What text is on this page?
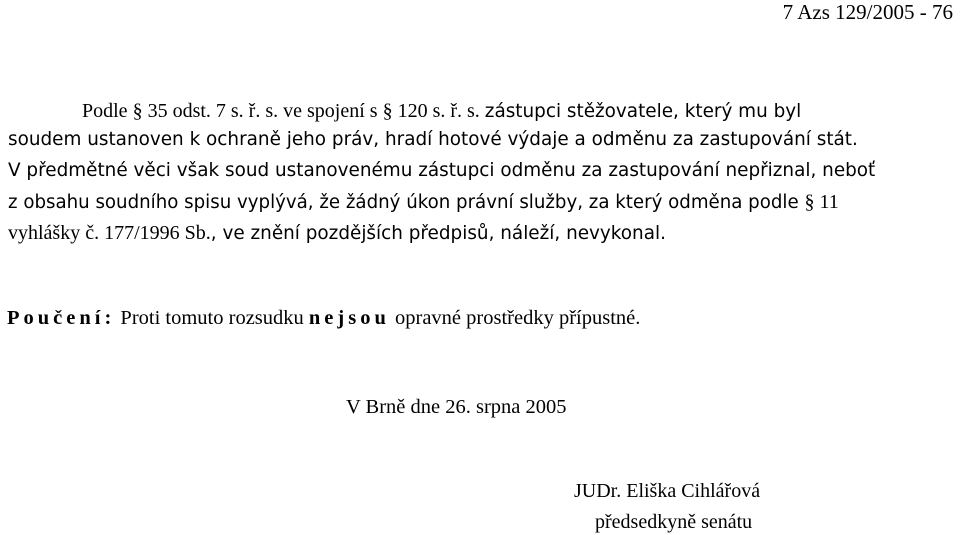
7 Azs 129/2005 - 76
Podle § 35 odst. 7 s. ř. s. ve spojení s § 120 s. ř. s. zástupci stěžovatele, který mu byl
soudem ustanoven k ochraně jeho práv, hradí hotové výdaje a odměnu za zastupování stát.
V předmětné věci však soud ustanovenému zástupci odměnu za zastupování nepřiznal, neboť
z obsahu soudního spisu vyplývá, že žádný úkon právní služby, za který odměna podle § 11
vyhlášky č. 177/1996 Sb., ve znění pozdějších předpisů, náleží, nevykonal.
Poučení: Proti tomuto rozsudku nejsou opravné prostředky přípustné.
V Brně dne 26. srpna 2005
JUDr. Eliška Cihlářová
předsedkyně senátu
